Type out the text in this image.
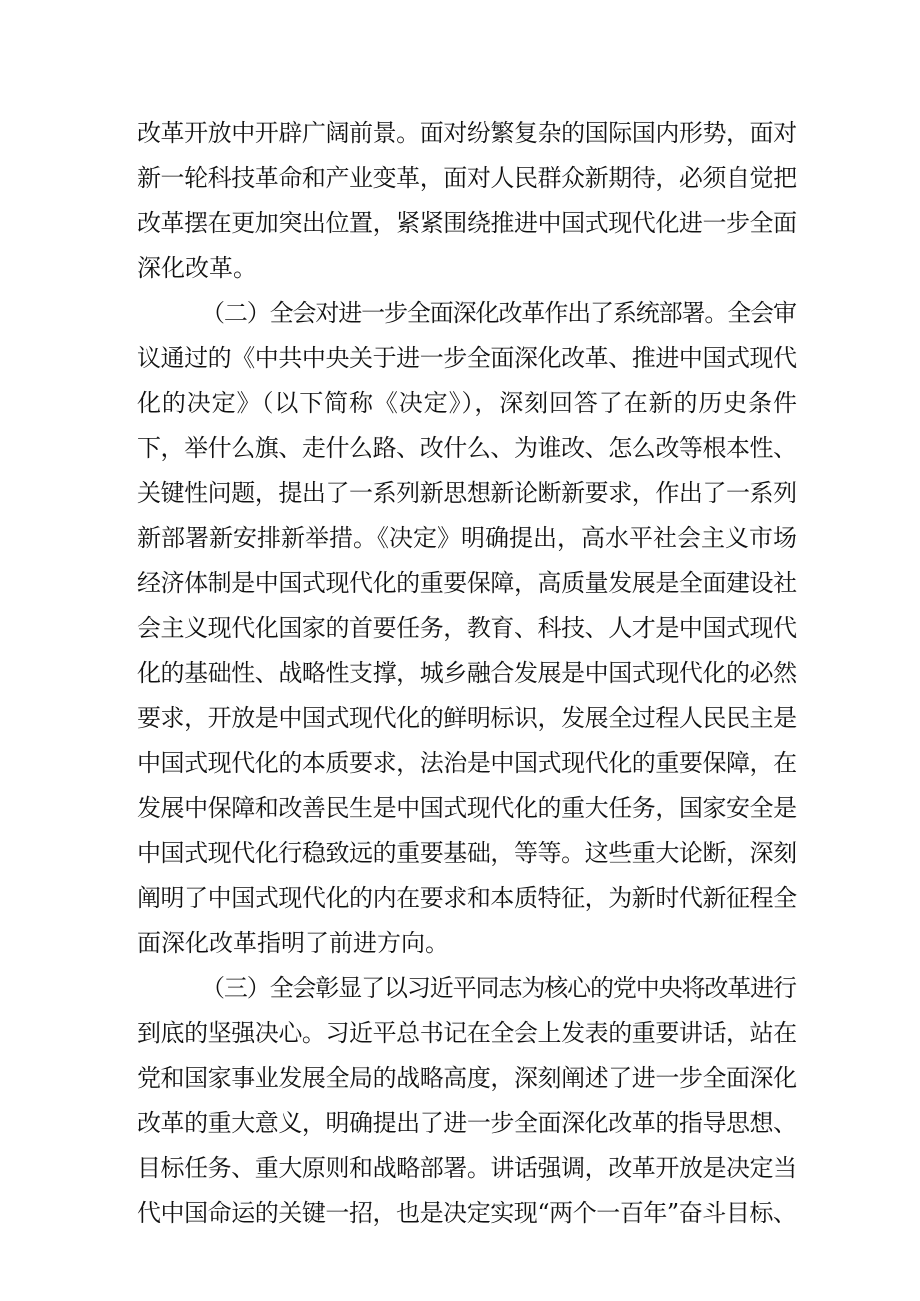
改革开放中开辟广阔前景。面对纷繁复杂的国际国内形势，面对
新一轮科技革命和产业变革，面对人民群众新期待，必须自觉把
改革摆在更加突出位置，紧紧围绕推进中国式现代化进一步全面
深化改革。
（二）全会对进一步全面深化改革作出了系统部署。全会审
议通过的《中共中央关于进一步全面深化改革、推进中国式现代
化的决定》（以下简称《决定》），深刻回答了在新的历史条件
下，举什么旗、走什么路、改什么、为谁改、怎么改等根本性、
关键性问题，提出了一系列新思想新论断新要求，作出了一系列
新部署新安排新举措。《决定》明确提出，高水平社会主义市场
经济体制是中国式现代化的重要保障，高质量发展是全面建设社
会主义现代化国家的首要任务，教育、科技、人才是中国式现代
化的基础性、战略性支撑，城乡融合发展是中国式现代化的必然
要求，开放是中国式现代化的鲜明标识，发展全过程人民民主是
中国式现代化的本质要求，法治是中国式现代化的重要保障，在
发展中保障和改善民生是中国式现代化的重大任务，国家安全是
中国式现代化行稳致远的重要基础，等等。这些重大论断，深刻
阐明了中国式现代化的内在要求和本质特征，为新时代新征程全
面深化改革指明了前进方向。
（三）全会彰显了以习近平同志为核心的党中央将改革进行
到底的坚强决心。习近平总书记在全会上发表的重要讲话，站在
党和国家事业发展全局的战略高度，深刻阐述了进一步全面深化
改革的重大意义，明确提出了进一步全面深化改革的指导思想、
目标任务、重大原则和战略部署。讲话强调，改革开放是决定当
代中国命运的关键一招，也是决定实现“两个一百年”奋斗目标、
